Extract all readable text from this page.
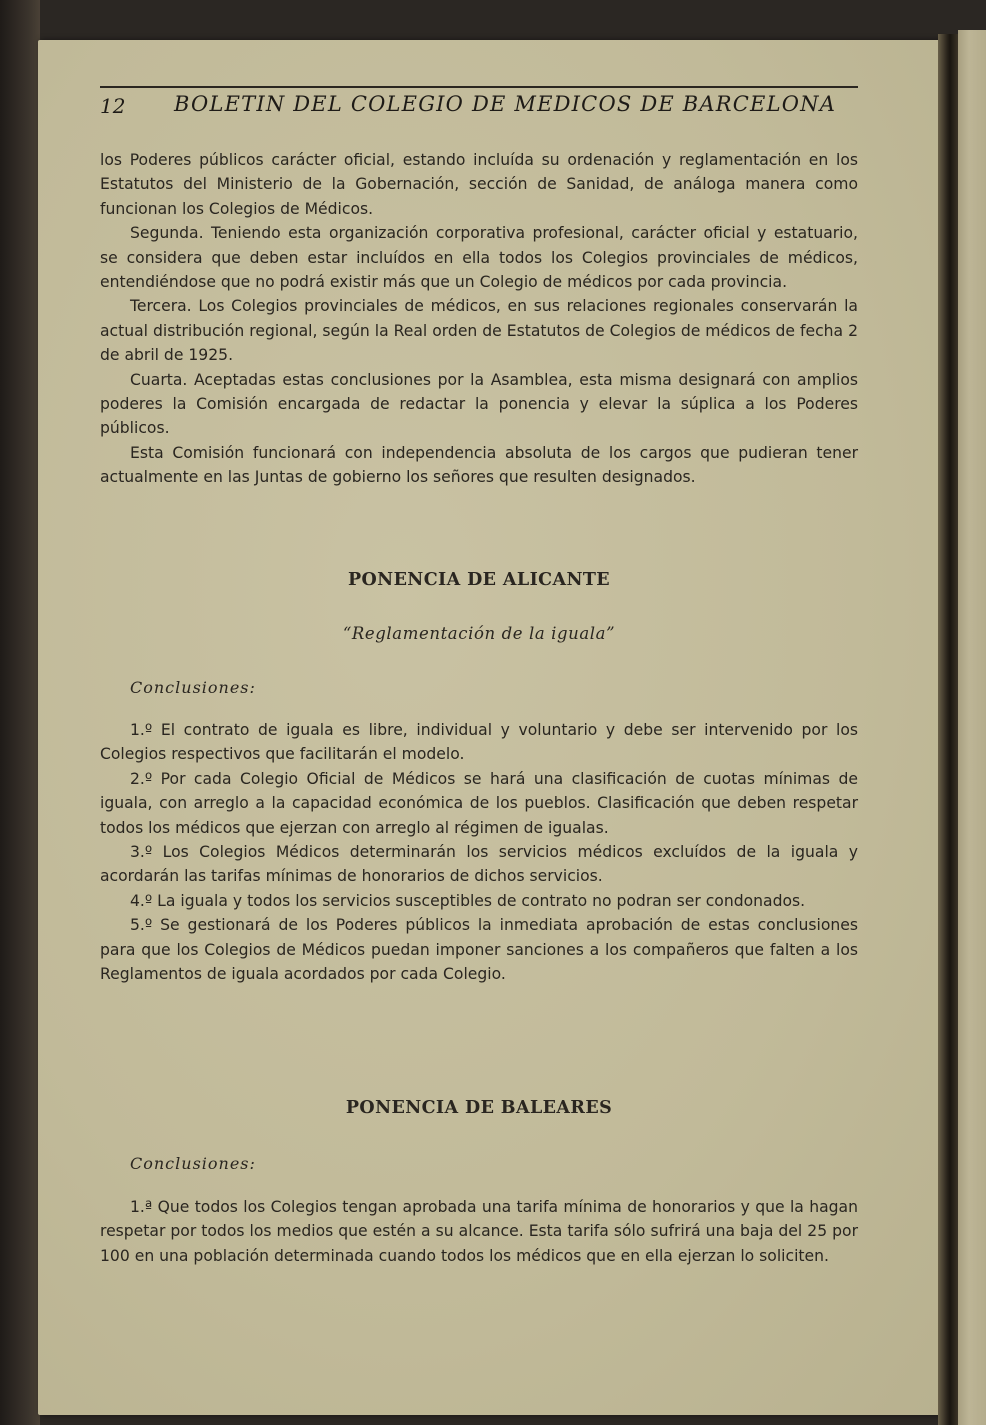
12 BOLETIN DEL COLEGIO DE MEDICOS DE BARCELONA

los Poderes públicos carácter oficial, estando incluída su ordenación y reglamentación en los Estatutos del Ministerio de la Gobernación, sección de Sanidad, de análoga manera como funcionan los Colegios de Médicos.

Segunda. Teniendo esta organización corporativa profesional, carácter oficial y estatuario, se considera que deben estar incluídos en ella todos los Colegios provinciales de médicos, entendiéndose que no podrá existir más que un Colegio de médicos por cada provincia.

Tercera. Los Colegios provinciales de médicos, en sus relaciones regionales conservarán la actual distribución regional, según la Real orden de Estatutos de Colegios de médicos de fecha 2 de abril de 1925.

Cuarta. Aceptadas estas conclusiones por la Asamblea, esta misma designará con amplios poderes la Comisión encargada de redactar la ponencia y elevar la súplica a los Poderes públicos.

Esta Comisión funcionará con independencia absoluta de los cargos que pudieran tener actualmente en las Juntas de gobierno los señores que resulten designados.

PONENCIA DE ALICANTE
“Reglamentación de la iguala”
Conclusiones:

1.º El contrato de iguala es libre, individual y voluntario y debe ser intervenido por los Colegios respectivos que facilitarán el modelo.

2.º Por cada Colegio Oficial de Médicos se hará una clasificación de cuotas mínimas de iguala, con arreglo a la capacidad económica de los pueblos. Clasificación que deben respetar todos los médicos que ejerzan con arreglo al régimen de igualas.

3.º Los Colegios Médicos determinarán los servicios médicos excluídos de la iguala y acordarán las tarifas mínimas de honorarios de dichos servicios.

4.º La iguala y todos los servicios susceptibles de contrato no podran ser condonados.

5.º Se gestionará de los Poderes públicos la inmediata aprobación de estas conclusiones para que los Colegios de Médicos puedan imponer sanciones a los compañeros que falten a los Reglamentos de iguala acordados por cada Colegio.

PONENCIA DE BALEARES
Conclusiones:

1.ª Que todos los Colegios tengan aprobada una tarifa mínima de honorarios y que la hagan respetar por todos los medios que estén a su alcance. Esta tarifa sólo sufrirá una baja del 25 por 100 en una población determinada cuando todos los médicos que en ella ejerzan lo soliciten.
